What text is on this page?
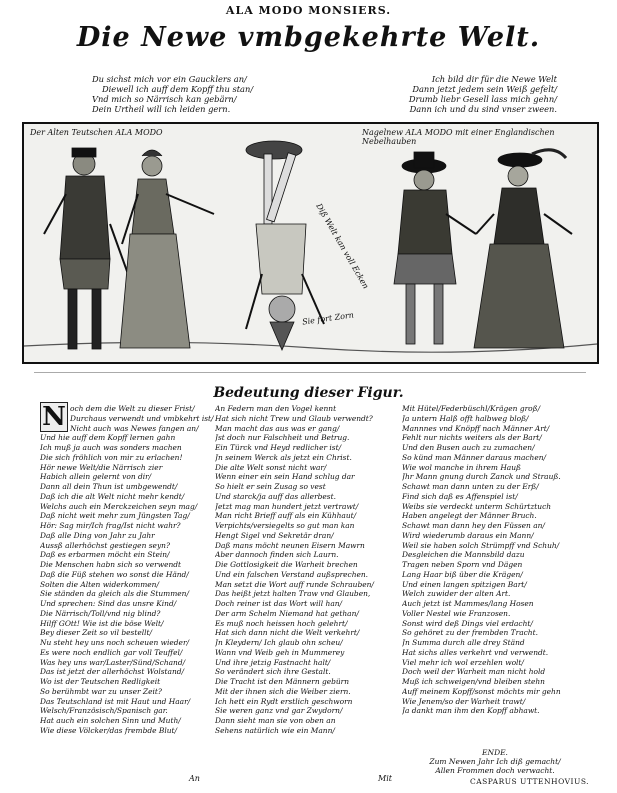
ALA MODO MONSIERS.
Die Newe vmbgekehrte Welt.
Du sichst mich vor ein Gaucklers an/
Diewell ich auff dem Kopff thu stan/
Vnd mich so Närrisch kan gebärn/
Dein Urtheil will ich leiden gern.
Ich bild dir für die Newe Welt
Dann jetzt jedem sein Weiß gefelt/
Drumb liebr Gesell lass mich gehn/
Dann ich und du sind vnser zween.
Der Alten Teutschen ALA MODO	Nagelnew ALA MODO mit einer Englandischen Nebelhauben
Diß Welt kan voll Ecken
Sie fort Zorn
Bedeutung dieser Figur.
N och dem die Welt zu dieser Frist/
Durchaus verwendt und vmbkehrt ist/
Nicht auch was Newes fangen an/
Und hie auff dem Kopff lernen gahn
Ich muß ja auch was sonders machen
Die sich fröhlich von mir zu erlachen!
Hör newe Welt/die Närrisch zier
Habich allein gelernt von dir/
Dann all dein Thun ist umbgewendt/
Daß ich die alt Welt nicht mehr kendt/
Welchs auch ein Merckzeichen seyn mag/
Daß nicht weit mehr zum Jüngsten Tag/
Hör: Sag mir/Ich frag/Ist nicht wahr?
Daß alle Ding von Jahr zu Jahr
Aussß allerhöchst gestiegen seyn?
Daß es erbarmen möcht ein Stein/
Die Menschen habn sich so verwendt
Daß die Füß stehen wo sonst die Händ/
Solten die Alten widerkommen/
Sie ständen da gleich als die Stummen/
Und sprechen: Sind das unsre Kind/
Die Närrisch/Toll/vnd nig blind?
Hilff GOtt! Wie ist die böse Welt/
Bey dieser Zeit so vil bestellt/
Nu steht hey uns noch scheuen wieder/
Es were noch endlich gar voll Teuffel/
Was hey uns war/Laster/Sünd/Schand/
Das ist jetzt der allerhöchst Wolstand/
Wo ist der Teutschen Redligkeit
So berühmbt war zu unser Zeit?
Das Teutschland ist mit Haut und Haar/
Welsch/Französisch/Spanisch gar.
Hat auch ein solchen Sinn und Muth/
Wie diese Völcker/das frembde Blut/
An Federn man den Vogel kennt
Hat sich nicht Trew und Glaub verwendt?
Man macht das aus was er gang/
Jst doch nur Falschheit und Betrug.
Ein Türck vnd Heyd redlicher ist/
Jn seinem Werck als jetzt ein Christ.
Die alte Welt sonst nicht war/
Wenn einer ein sein Hand schlug dar
So hielt er sein Zusag so vest
Und starck/ja auff das allerbest.
Jetzt mag man hundert jetzt vertrawt/
Man richt Brieff auff als ein Kühhaut/
Verpichts/versiegelts so gut man kan
Hengt Sigel vnd Sekretär dran/
Daß mans möcht neunen Eisern Mawrn
Aber dannoch finden sich Laurn.
Die Gottlosigkeit die Warheit brechen
Und ein falschen Verstand außsprechen.
Man setzt die Wort auff runde Schrauben/
Das heißt jetzt halten Traw vnd Glauben,
Doch reiner ist das Wort will han/
Der arm Schelm Niemand hat gethan/
Es muß noch heissen hoch gelehrt/
Hat sich dann nicht die Welt verkehrt/
Jn Kleydern/ Ich glaub ohn scheu/
Wann vnd Weib geh in Mummerey
Und ihre jetzig Fastnacht halt/
So verändert sich ihre Gestalt.
Die Tracht ist den Männern gebürn
Mit der ihnen sich die Weiber ziern.
Ich hett ein Rydt erstlich geschworn
Sie weren ganz vnd gar Zwydorn/
Dann sieht man sie von oben an
Sehens natürlich wie ein Mann/
Mit Hütel/Federbüschl/Krägen groß/
Ja untern Halß offt halbweg bloß/
Mannnes vnd Knöpff nach Männer Art/
Fehlt nur nichts weiters als der Bart/
Und den Busen auch zu zumachen/
So künd man Männer daraus machen/
Wie wol manche in ihrem Hauß
Jhr Mann gnung durch Zanck und Strauß.
Schawt man dann unten zu der Erß/
Find sich daß es Affenspiel ist/
Weibs sie verdeckt unterm Schürtztuch
Haben angelegt der Männer Bruch.
Schawt man dann hey den Füssen an/
Wird wiederumb daraus ein Mann/
Weil sie haben solch Strümpff vnd Schuh/
Desgleichen die Mannsbild dazu
Tragen neben Sporn vnd Dägen
Lang Haar biß über die Krägen/
Und einen langen spitzigen Bart/
Welch zuwider der alten Art.
Auch jetzt ist Mammes/lang Hosen
Voller Nestel wie Franzosen.
Sonst wird deß Dings viel erdacht/
So gehöret zu der frembden Tracht.
Jn Summa durch alle drey Ständ
Hat sichs alles verkehrt vnd verwendt.
Viel mehr ich wol erzehlen wolt/
Doch weil der Warheit man nicht hold
Muß ich schweigen/vnd bleiben stehn
Auff meinem Kopff/sonst möchts mir gehn
Wie Jenem/so der Warheit trawt/
Ja dankt man ihm den Kopff abhawt.
ENDE.
Zum Newen Jahr Ich diß gemacht/
Allen Frommen doch verwacht.
An	Mit	CASPARUS UTTENHOVIUS.
